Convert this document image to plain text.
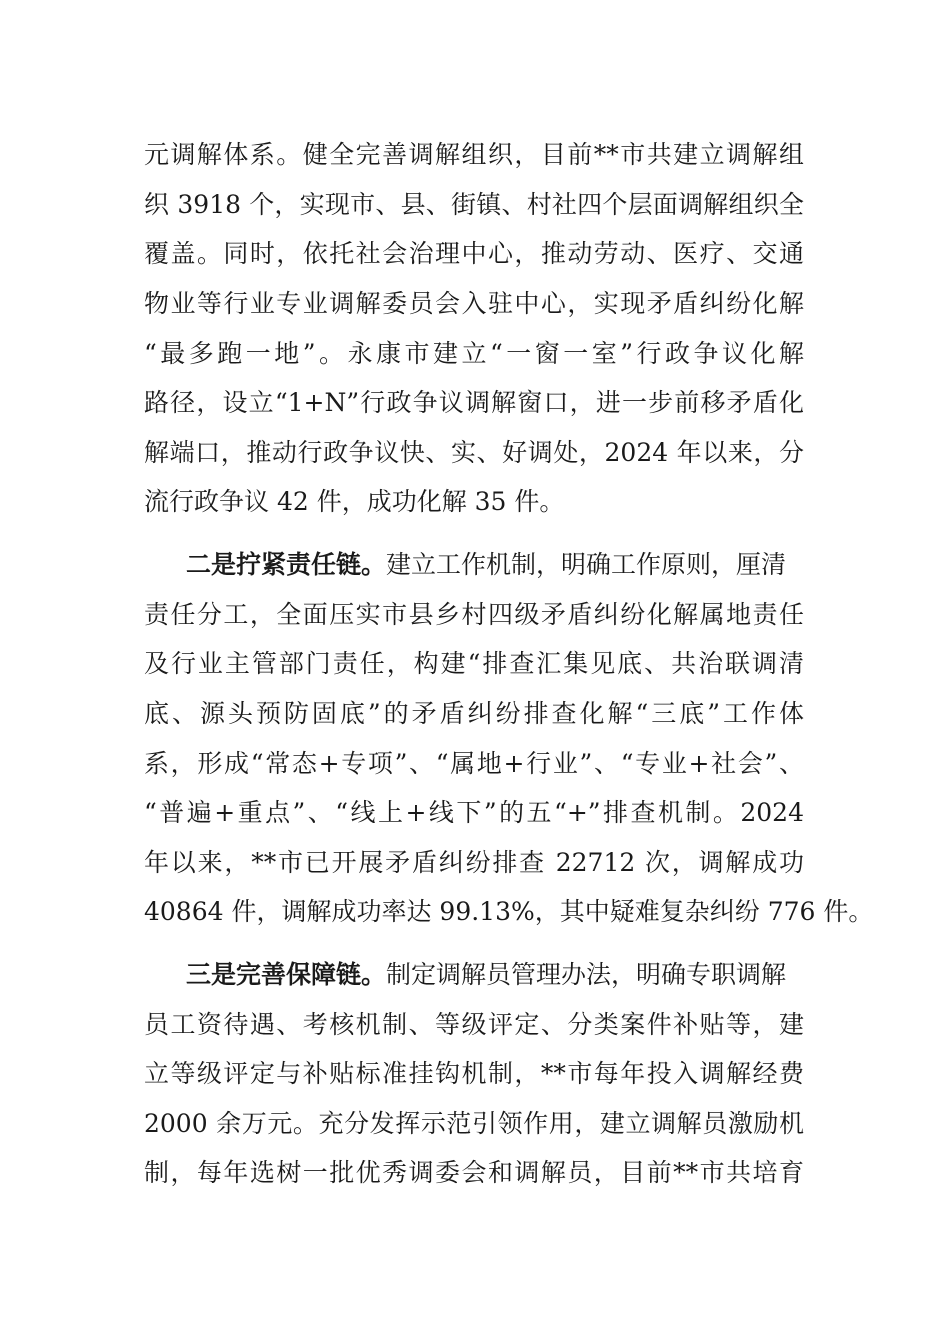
元调解体系。健全完善调解组织，目前**市共建立调解组
织 3918 个，实现市、县、街镇、村社四个层面调解组织全
覆盖。同时，依托社会治理中心，推动劳动、医疗、交通
物业等行业专业调解委员会入驻中心，实现矛盾纠纷化解
“最多跑一地”。永康市建立“一窗一室”行政争议化解
路径，设立“1+N”行政争议调解窗口，进一步前移矛盾化
解端口，推动行政争议快、实、好调处，2024 年以来，分
流行政争议 42 件，成功化解 35 件。
二是拧紧责任链。建立工作机制，明确工作原则，厘清
责任分工，全面压实市县乡村四级矛盾纠纷化解属地责任
及行业主管部门责任，构建“排查汇集见底、共治联调清
底、源头预防固底”的矛盾纠纷排查化解“三底”工作体
系，形成“常态+专项”、“属地+行业”、“专业+社会”、
“普遍+重点”、“线上+线下”的五“+”排查机制。2024
年以来，**市已开展矛盾纠纷排查 22712 次，调解成功
40864 件，调解成功率达 99.13%，其中疑难复杂纠纷 776 件。
三是完善保障链。制定调解员管理办法，明确专职调解
员工资待遇、考核机制、等级评定、分类案件补贴等，建
立等级评定与补贴标准挂钩机制，**市每年投入调解经费
2000 余万元。充分发挥示范引领作用，建立调解员激励机
制，每年选树一批优秀调委会和调解员，目前**市共培育
